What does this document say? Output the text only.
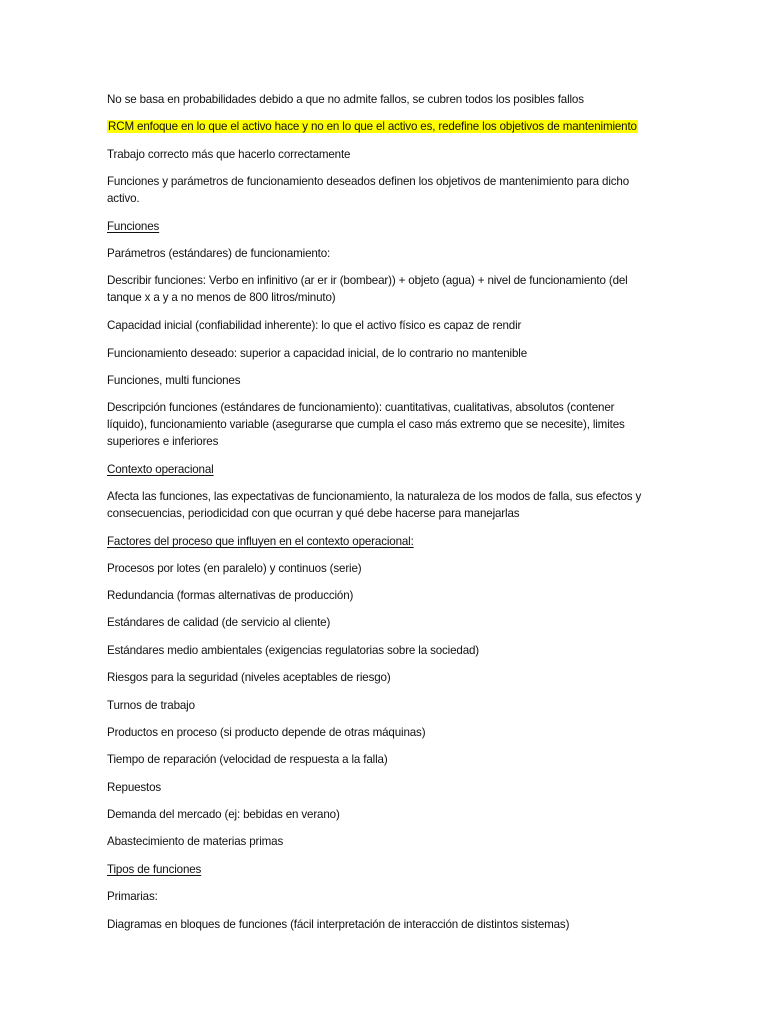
No se basa en probabilidades debido a que no admite fallos, se cubren todos los posibles fallos
RCM enfoque en lo que el activo hace y no en lo que el activo es, redefine los objetivos de mantenimiento
Trabajo correcto más que hacerlo correctamente
Funciones y parámetros de funcionamiento deseados definen los objetivos de mantenimiento para dicho activo.
Funciones
Parámetros (estándares) de funcionamiento:
Describir funciones: Verbo en infinitivo (ar er ir (bombear)) + objeto (agua) + nivel de funcionamiento (del tanque x a y a no menos de 800 litros/minuto)
Capacidad inicial (confiabilidad inherente): lo que el activo físico es capaz de rendir
Funcionamiento deseado: superior a capacidad inicial, de lo contrario no mantenible
Funciones, multi funciones
Descripción funciones (estándares de funcionamiento): cuantitativas, cualitativas, absolutos (contener líquido), funcionamiento variable (asegurarse que cumpla el caso más extremo que se necesite), limites superiores e inferiores
Contexto operacional
Afecta las funciones, las expectativas de funcionamiento, la naturaleza de los modos de falla, sus efectos y consecuencias, periodicidad con que ocurran y qué debe hacerse para manejarlas
Factores del proceso que influyen en el contexto operacional:
Procesos por lotes (en paralelo) y continuos (serie)
Redundancia (formas alternativas de producción)
Estándares de calidad (de servicio al cliente)
Estándares medio ambientales (exigencias regulatorias sobre la sociedad)
Riesgos para la seguridad (niveles aceptables de riesgo)
Turnos de trabajo
Productos en proceso (si producto depende de otras máquinas)
Tiempo de reparación (velocidad de respuesta a la falla)
Repuestos
Demanda del mercado (ej: bebidas en verano)
Abastecimiento de materias primas
Tipos de funciones
Primarias:
Diagramas en bloques de funciones (fácil interpretación de interacción de distintos sistemas)
